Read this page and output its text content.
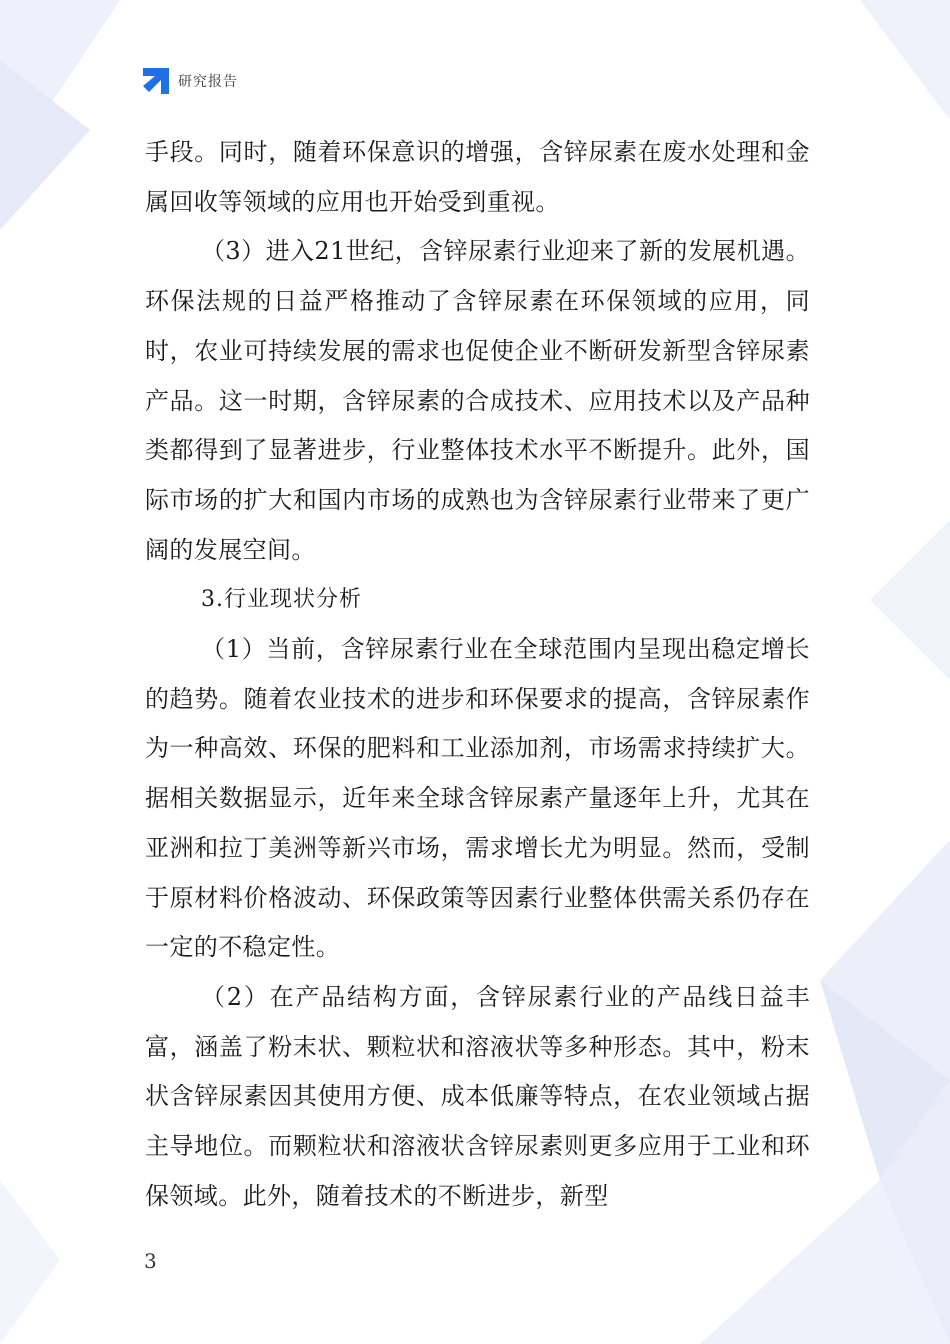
研究报告

手段。同时，随着环保意识的增强，含锌尿素在废水处理和金属回收等领域的应用也开始受到重视。

（3）进入21世纪，含锌尿素行业迎来了新的发展机遇。环保法规的日益严格推动了含锌尿素在环保领域的应用，同时，农业可持续发展的需求也促使企业不断研发新型含锌尿素产品。这一时期，含锌尿素的合成技术、应用技术以及产品种类都得到了显著进步，行业整体技术水平不断提升。此外，国际市场的扩大和国内市场的成熟也为含锌尿素行业带来了更广阔的发展空间。

3.行业现状分析

（1）当前，含锌尿素行业在全球范围内呈现出稳定增长的趋势。随着农业技术的进步和环保要求的提高，含锌尿素作为一种高效、环保的肥料和工业添加剂，市场需求持续扩大。据相关数据显示，近年来全球含锌尿素产量逐年上升，尤其在亚洲和拉丁美洲等新兴市场，需求增长尤为明显。然而，受制于原材料价格波动、环保政策等因素行业整体供需关系仍存在一定的不稳定性。

（2）在产品结构方面，含锌尿素行业的产品线日益丰富，涵盖了粉末状、颗粒状和溶液状等多种形态。其中，粉末状含锌尿素因其使用方便、成本低廉等特点，在农业领域占据主导地位。而颗粒状和溶液状含锌尿素则更多应用于工业和环保领域。此外，随着技术的不断进步，新型

3
